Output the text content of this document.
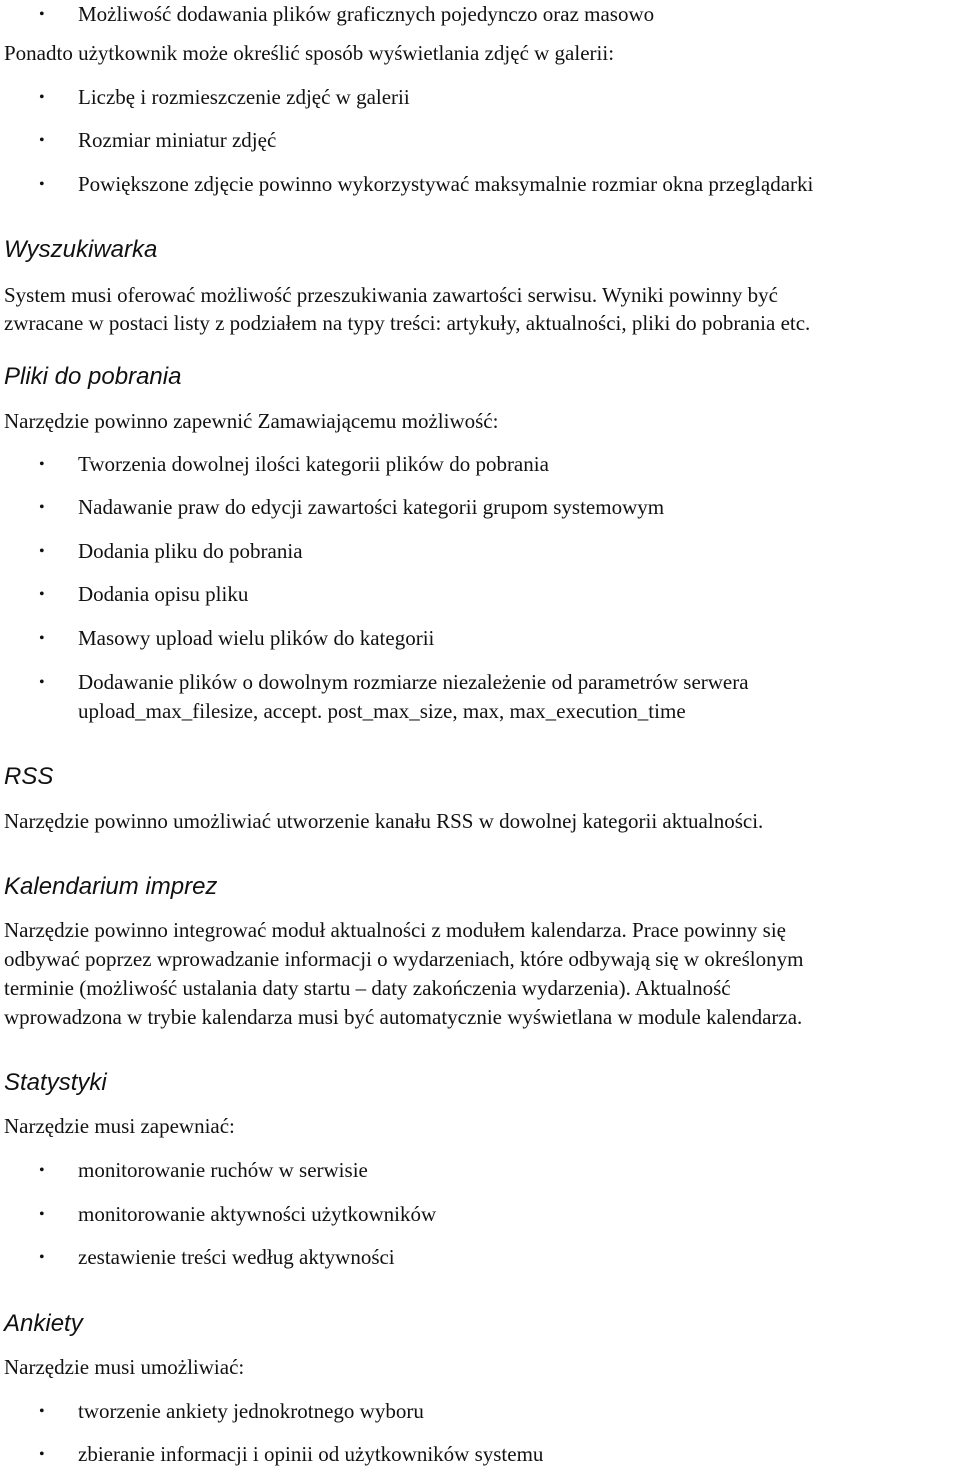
• Możliwość dodawania plików graficznych pojedynczo oraz masowo

Ponadto użytkownik może określić sposób wyświetlania zdjęć w galerii:

• Liczbę i rozmieszczenie zdjęć w galerii

• Rozmiar miniatur zdjęć

• Powiększone zdjęcie powinno wykorzystywać maksymalnie rozmiar okna przeglądarki

Wyszukiwarka

System musi oferować możliwość przeszukiwania zawartości serwisu. Wyniki powinny być

zwracane w postaci listy z podziałem na typy treści: artykuły, aktualności, pliki do pobrania etc.

Pliki do pobrania

Narzędzie powinno zapewnić Zamawiającemu możliwość:

• Tworzenia dowolnej ilości kategorii plików do pobrania

• Nadawanie praw do edycji zawartości kategorii grupom systemowym

• Dodania pliku do pobrania

• Dodania opisu pliku

• Masowy upload wielu plików do kategorii

• Dodawanie plików o dowolnym rozmiarze niezależenie od parametrów serwera

upload_max_filesize, accept. post_max_size, max, max_execution_time

RSS

Narzędzie powinno umożliwiać utworzenie kanału RSS w dowolnej kategorii aktualności.

Kalendarium imprez

Narzędzie powinno integrować moduł aktualności z modułem kalendarza. Prace powinny się

odbywać poprzez wprowadzanie informacji o wydarzeniach, które odbywają się w określonym

terminie (możliwość ustalania daty startu – daty zakończenia wydarzenia). Aktualność

wprowadzona w trybie kalendarza musi być automatycznie wyświetlana w module kalendarza.

Statystyki

Narzędzie musi zapewniać:

• monitorowanie ruchów w serwisie

• monitorowanie aktywności użytkowników

• zestawienie treści według aktywności

Ankiety

Narzędzie musi umożliwiać:

• tworzenie ankiety jednokrotnego wyboru

• zbieranie informacji i opinii od użytkowników systemu
